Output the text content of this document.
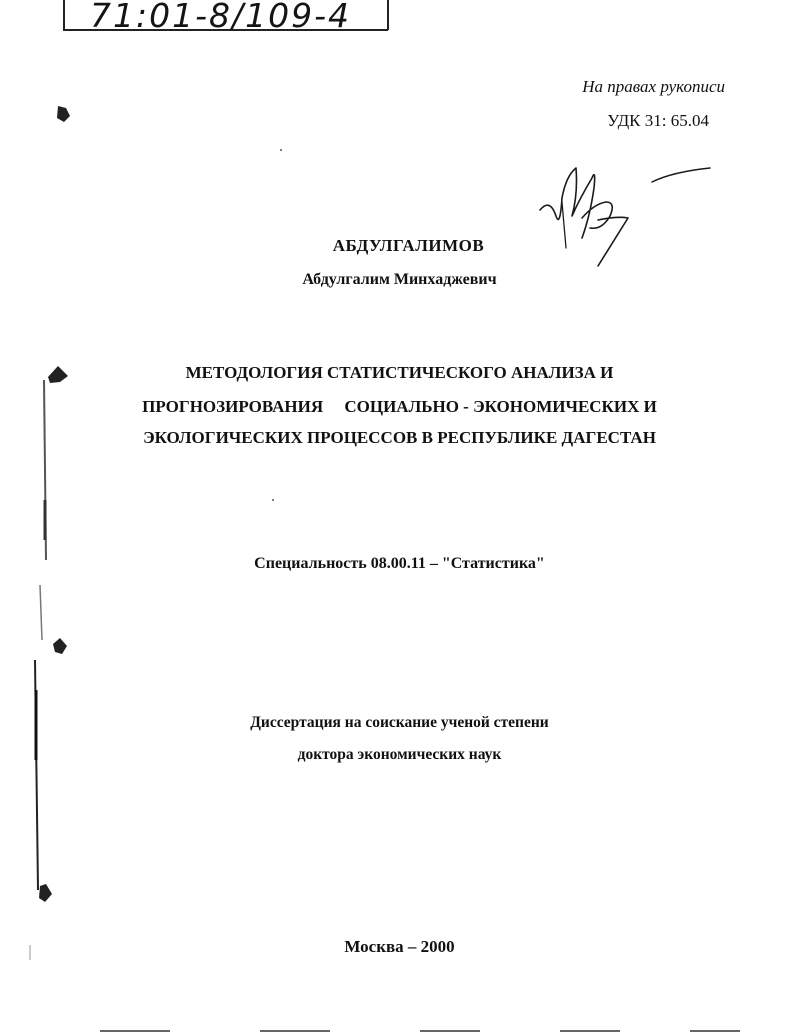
71:01-8/109-4
На правах рукописи
УДК 31: 65.04
АБДУЛГАЛИМОВ
Абдулгалим Минхаджевич
МЕТОДОЛОГИЯ СТАТИСТИЧЕСКОГО АНАЛИЗА И
ПРОГНОЗИРОВАНИЯ     СОЦИАЛЬНО - ЭКОНОМИЧЕСКИХ И
ЭКОЛОГИЧЕСКИХ ПРОЦЕССОВ В РЕСПУБЛИКЕ ДАГЕСТАН
Специальность 08.00.11 – "Статистика"
Диссертация на соискание ученой степени
доктора экономических наук
Москва – 2000
